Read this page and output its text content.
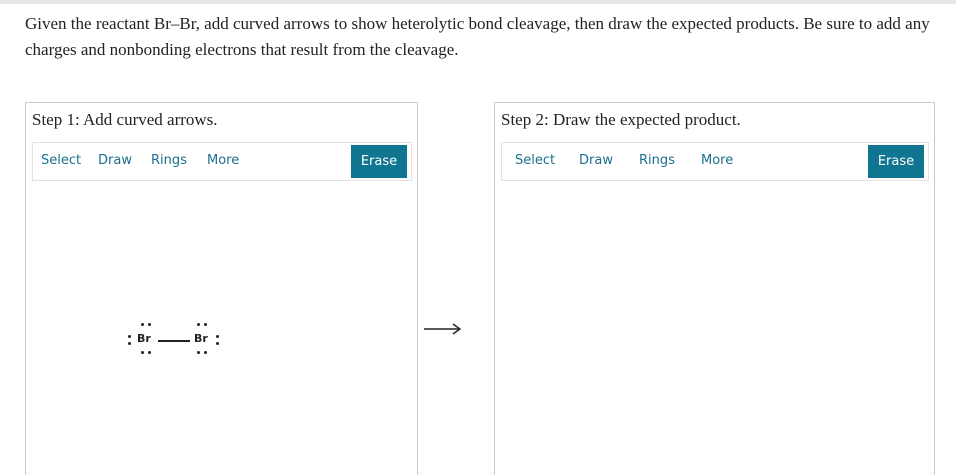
Given the reactant Br–Br, add curved arrows to show heterolytic bond cleavage, then draw the expected products. Be sure to add any charges and nonbonding electrons that result from the cleavage.

Step 1: Add curved arrows.
Select Draw Rings More	Erase
Br	Br
Step 2: Draw the expected product.
Select Draw Rings More	Erase
